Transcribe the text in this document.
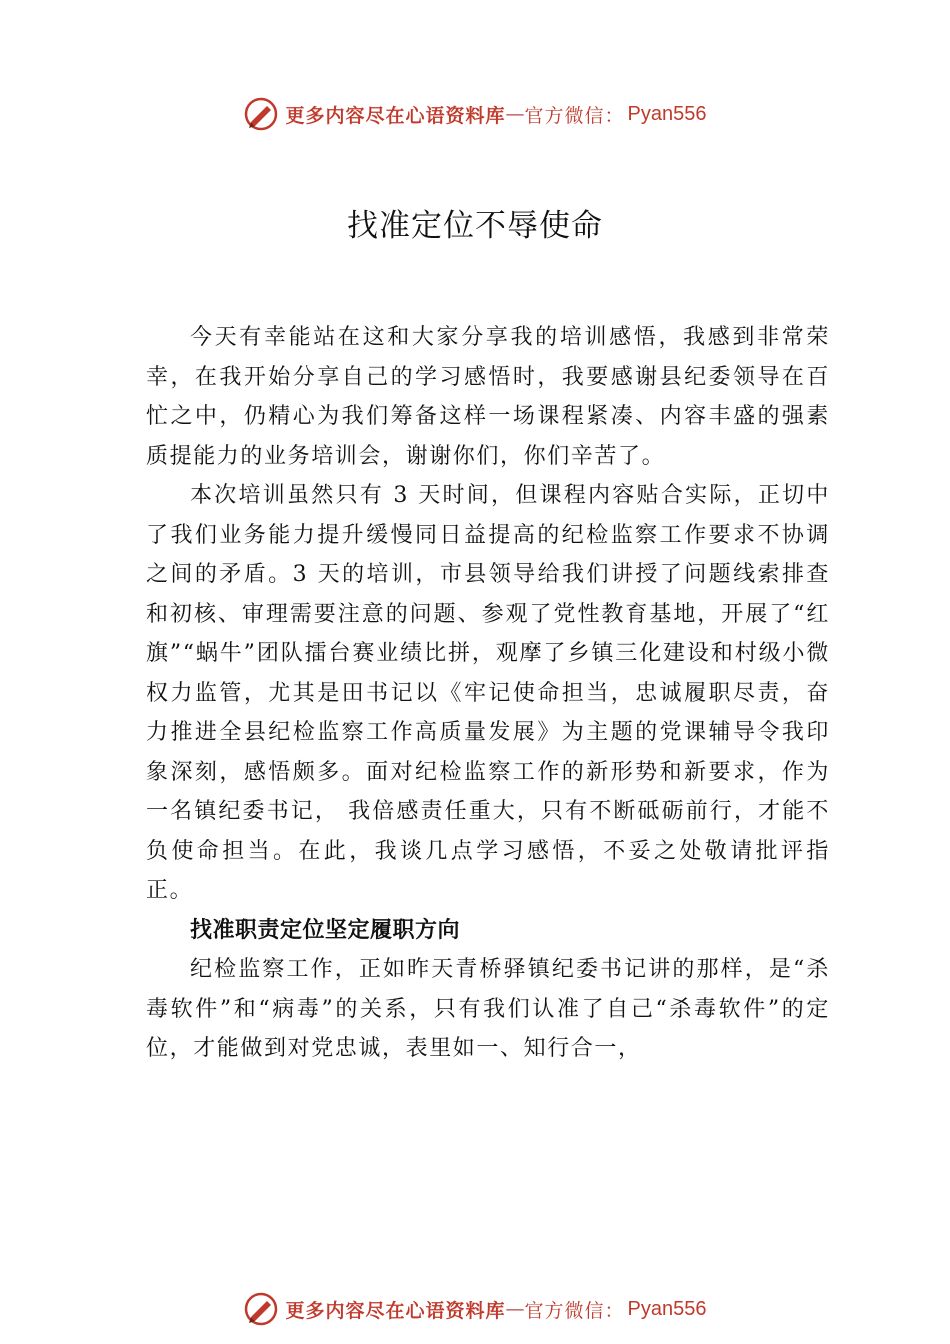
更多内容尽在心语资料库 — 官方微信 ： Pyan556
找准定位不辱使命

今天有幸能站在这和大家分享我的培训感悟，我感到非常荣幸，在我开始分享自己的学习感悟时，我要感谢县纪委领导在百忙之中，仍精心为我们筹备这样一场课程紧凑、内容丰盛的强素质提能力的业务培训会，谢谢你们，你们辛苦了。

本次培训虽然只有 3 天时间，但课程内容贴合实际，正切中了我们业务能力提升缓慢同日益提高的纪检监察工作要求不协调之间的矛盾。3 天的培训，市县领导给我们讲授了问题线索排查和初核、审理需要注意的问题、参观了党性教育基地，开展了“红旗”“蜗牛”团队擂台赛业绩比拼，观摩了乡镇三化建设和村级小微权力监管，尤其是田书记以《牢记使命担当，忠诚履职尽责，奋力推进全县纪检监察工作高质量发展》为主题的党课辅导令我印象深刻，感悟颇多。面对纪检监察工作的新形势和新要求，作为一名镇纪委书记， 我倍感责任重大，只有不断砥砺前行，才能不负使命担当。在此，我谈几点学习感悟，不妥之处敬请批评指正。

找准职责定位坚定履职方向

纪检监察工作，正如昨天青桥驿镇纪委书记讲的那样，是“杀毒软件”和“病毒”的关系，只有我们认准了自己“杀毒软件”的定位，才能做到对党忠诚，表里如一、知行合一，

更多内容尽在心语资料库 — 官方微信 ： Pyan556
